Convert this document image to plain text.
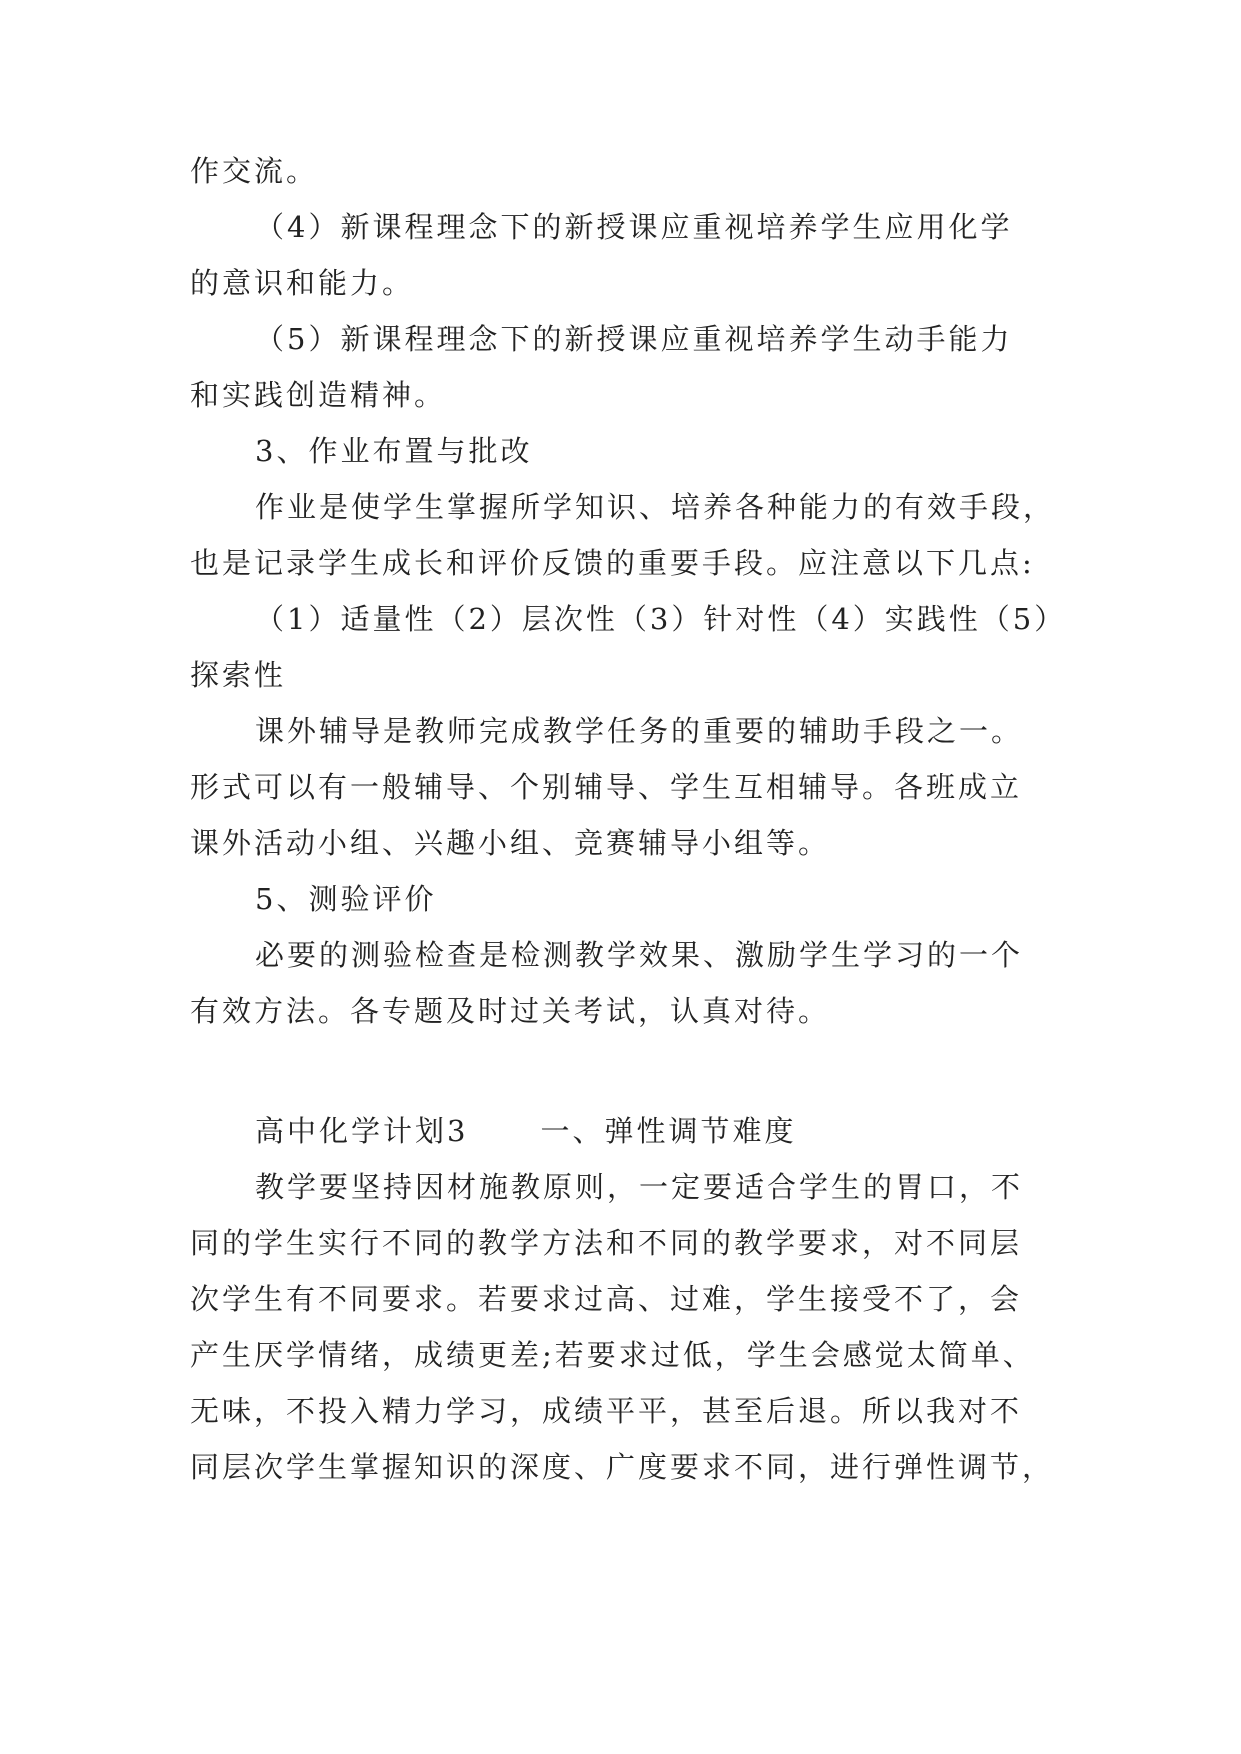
作交流。
（4）新课程理念下的新授课应重视培养学生应用化学
的意识和能力。
（5）新课程理念下的新授课应重视培养学生动手能力
和实践创造精神。
3、作业布置与批改
作业是使学生掌握所学知识、培养各种能力的有效手段，
也是记录学生成长和评价反馈的重要手段。应注意以下几点:
（1）适量性（2）层次性（3）针对性（4）实践性（5）
探索性
课外辅导是教师完成教学任务的重要的辅助手段之一。
形式可以有一般辅导、个别辅导、学生互相辅导。各班成立
课外活动小组、兴趣小组、竞赛辅导小组等。
5、测验评价
必要的测验检查是检测教学效果、激励学生学习的一个
有效方法。各专题及时过关考试，认真对待。
高中化学计划3 一、弹性调节难度
教学要坚持因材施教原则，一定要适合学生的胃口，不
同的学生实行不同的教学方法和不同的教学要求，对不同层
次学生有不同要求。若要求过高、过难，学生接受不了，会
产生厌学情绪，成绩更差;若要求过低，学生会感觉太简单、
无味，不投入精力学习，成绩平平，甚至后退。所以我对不
同层次学生掌握知识的深度、广度要求不同，进行弹性调节，
